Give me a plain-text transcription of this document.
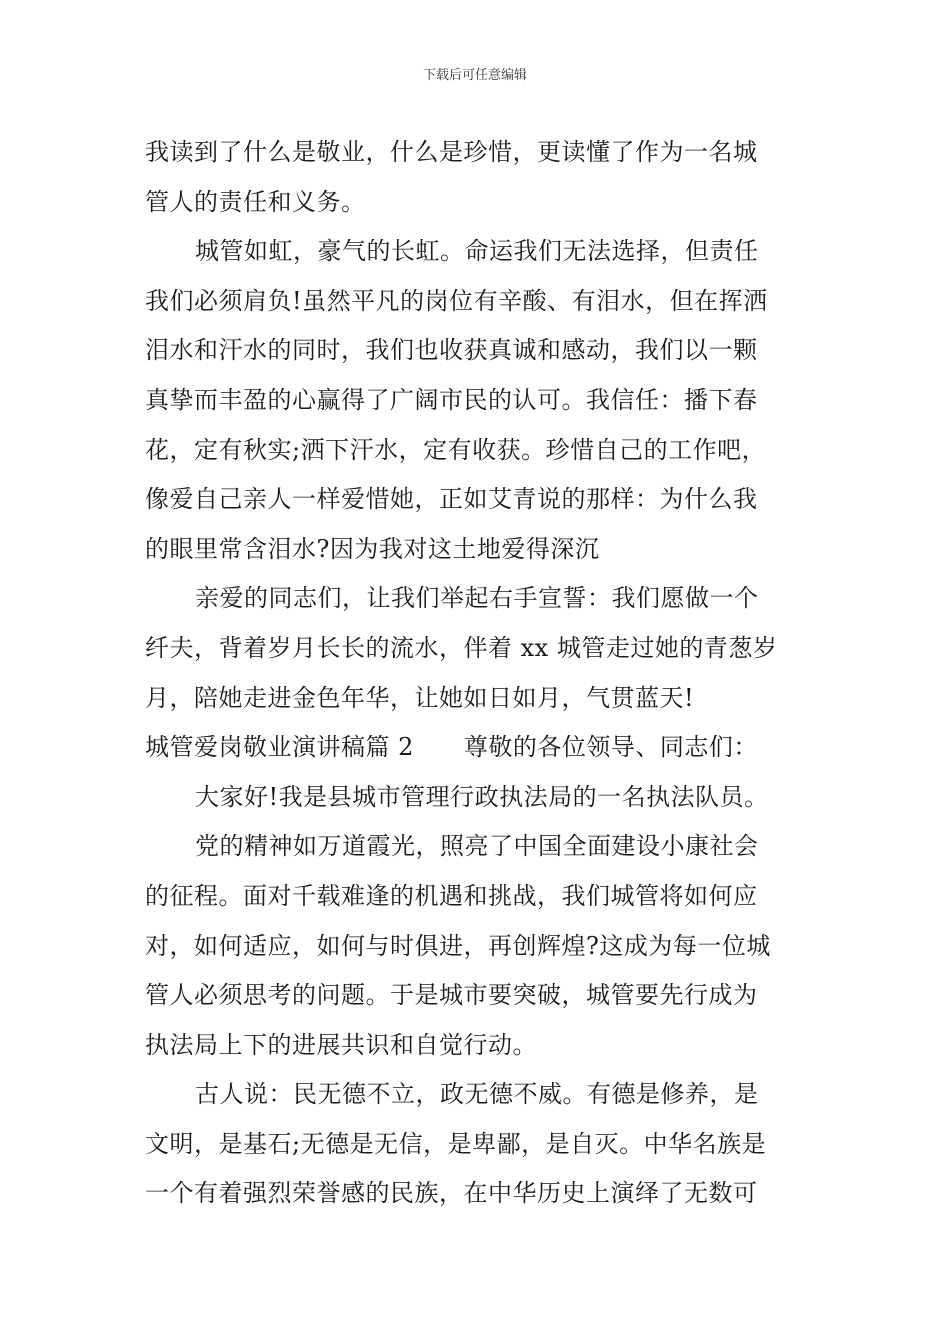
下载后可任意编辑
我读到了什么是敬业，什么是珍惜，更读懂了作为一名城
管人的责任和义务。
城管如虹，豪气的长虹。命运我们无法选择，但责任
我们必须肩负!虽然平凡的岗位有辛酸、有泪水，但在挥洒
泪水和汗水的同时，我们也收获真诚和感动，我们以一颗
真挚而丰盈的心赢得了广阔市民的认可。我信任：播下春
花，定有秋实;洒下汗水，定有收获。珍惜自己的工作吧，
像爱自己亲人一样爱惜她，正如艾青说的那样：为什么我
的眼里常含泪水?因为我对这土地爱得深沉
亲爱的同志们，让我们举起右手宣誓：我们愿做一个
纤夫，背着岁月长长的流水，伴着 xx 城管走过她的青葱岁
月，陪她走进金色年华，让她如日如月，气贯蓝天!
城管爱岗敬业演讲稿篇 2 尊敬的各位领导、同志们：
大家好!我是县城市管理行政执法局的一名执法队员。
党的精神如万道霞光，照亮了中国全面建设小康社会
的征程。面对千载难逢的机遇和挑战，我们城管将如何应
对，如何适应，如何与时俱进，再创辉煌?这成为每一位城
管人必须思考的问题。于是城市要突破，城管要先行成为
执法局上下的进展共识和自觉行动。
古人说：民无德不立，政无德不威。有德是修养，是
文明，是基石;无德是无信，是卑鄙，是自灭。中华名族是
一个有着强烈荣誉感的民族，在中华历史上演绎了无数可
